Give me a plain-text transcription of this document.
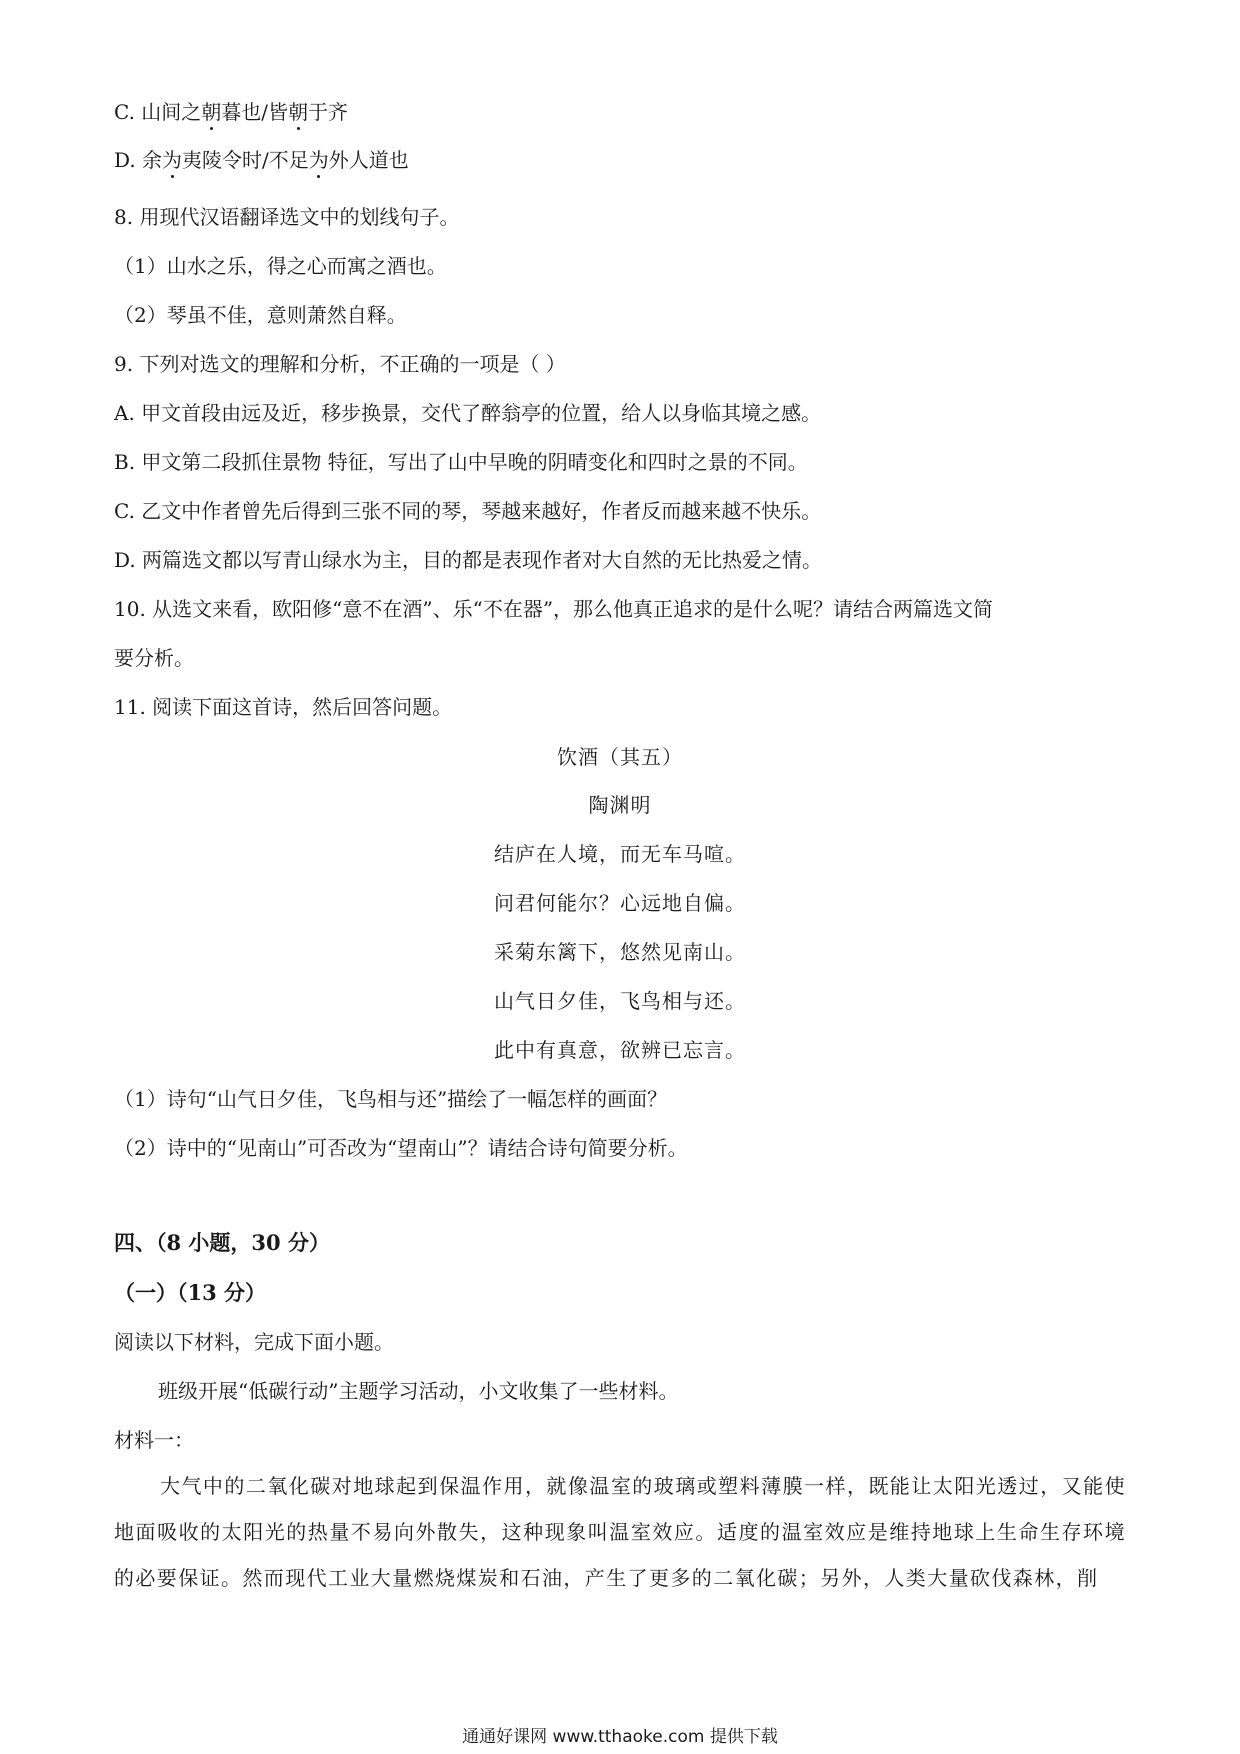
C. 山间之朝暮也/皆朝于齐
D. 余为夷陵令时/不足为外人道也
8. 用现代汉语翻译选文中的划线句子。
（1）山水之乐，得之心而寓之酒也。
（2）琴虽不佳，意则萧然自释。
9. 下列对选文的理解和分析，不正确的一项是（ ）
A. 甲文首段由远及近，移步换景，交代了醉翁亭的位置，给人以身临其境之感。
B. 甲文第二段抓住景物 特征，写出了山中早晚的阴晴变化和四时之景的不同。
C. 乙文中作者曾先后得到三张不同的琴，琴越来越好，作者反而越来越不快乐。
D. 两篇选文都以写青山绿水为主，目的都是表现作者对大自然的无比热爱之情。
10. 从选文来看，欧阳修“意不在酒”、乐“不在器”，那么他真正追求的是什么呢？请结合两篇选文简
要分析。
11. 阅读下面这首诗，然后回答问题。
饮酒（其五）
陶渊明
结庐在人境，而无车马喧。
问君何能尔？心远地自偏。
采菊东篱下，悠然见南山。
山气日夕佳，飞鸟相与还。
此中有真意，欲辨已忘言。
（1）诗句“山气日夕佳，飞鸟相与还”描绘了一幅怎样的画面？
（2）诗中的“见南山”可否改为“望南山”？请结合诗句简要分析。
四、（8 小题，30 分）
（一）（13 分）
阅读以下材料，完成下面小题。
班级开展“低碳行动”主题学习活动，小文收集了一些材料。
材料一：
大气中的二氧化碳对地球起到保温作用，就像温室的玻璃或塑料薄膜一样，既能让太阳光透过，又能使地面吸收的太阳光的热量不易向外散失，这种现象叫温室效应。适度的温室效应是维持地球上生命生存环境的必要保证。然而现代工业大量燃烧煤炭和石油，产生了更多的二氧化碳；另外，人类大量砍伐森林，削
通通好课网 www.tthaoke.com 提供下载
